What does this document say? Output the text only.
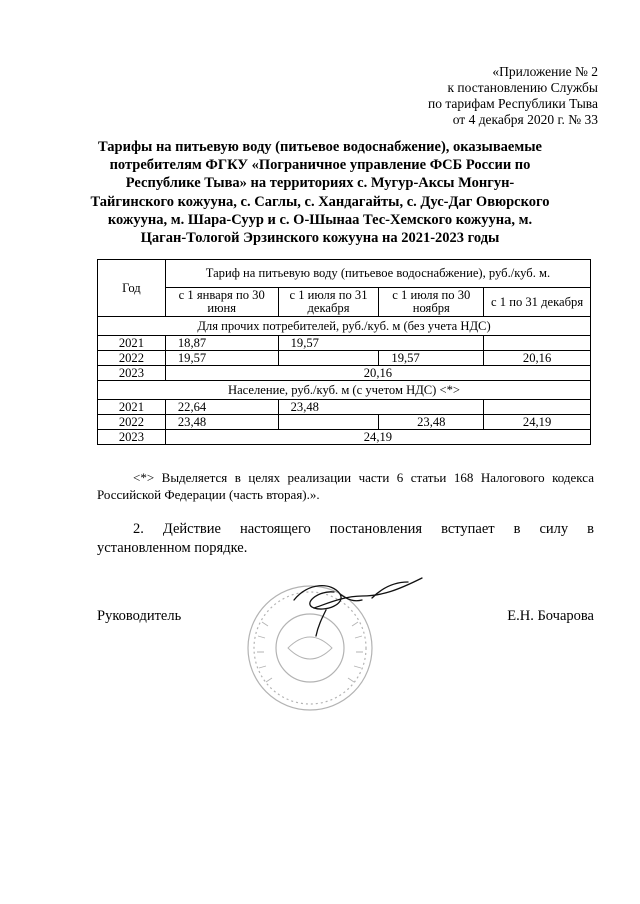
«Приложение № 2
к постановлению Службы
по тарифам Республики Тыва
от 4 декабря 2020 г. № 33
Тарифы на питьевую воду (питьевое водоснабжение), оказываемые потребителям ФГКУ «Пограничное управление ФСБ России по Республике Тыва» на территориях с. Мугур-Аксы Монгун-Тайгинского кожууна, с. Саглы, с. Хандагайты, с. Дус-Даг Овюрского кожууна, м. Шара-Суур и с. О-Шынаа Тес-Хемского кожууна, м. Цаган-Тологой Эрзинского кожууна на 2021-2023 годы
Год	Тариф на питьевую воду (питьевое водоснабжение), руб./куб. м.			
	с 1 января по 30 июня	с 1 июля по 31 декабря	с 1 июля по 30 ноября	с 1 по 31 декабря
Для прочих потребителей, руб./куб. м (без учета НДС)				
2021	18,87	19,57		
2022	19,57		19,57	20,16
2023	20,16			
Население, руб./куб. м (с учетом НДС) <*>				
2021	22,64	23,48		
2022	23,48		23,48	24,19
2023	24,19			
<*> Выделяется в целях реализации части 6 статьи 168 Налогового кодекса
Российской Федерации (часть вторая).».
2. Действие настоящего постановления вступает в силу в
установленном порядке.
Руководитель	Е.Н. Бочарова
